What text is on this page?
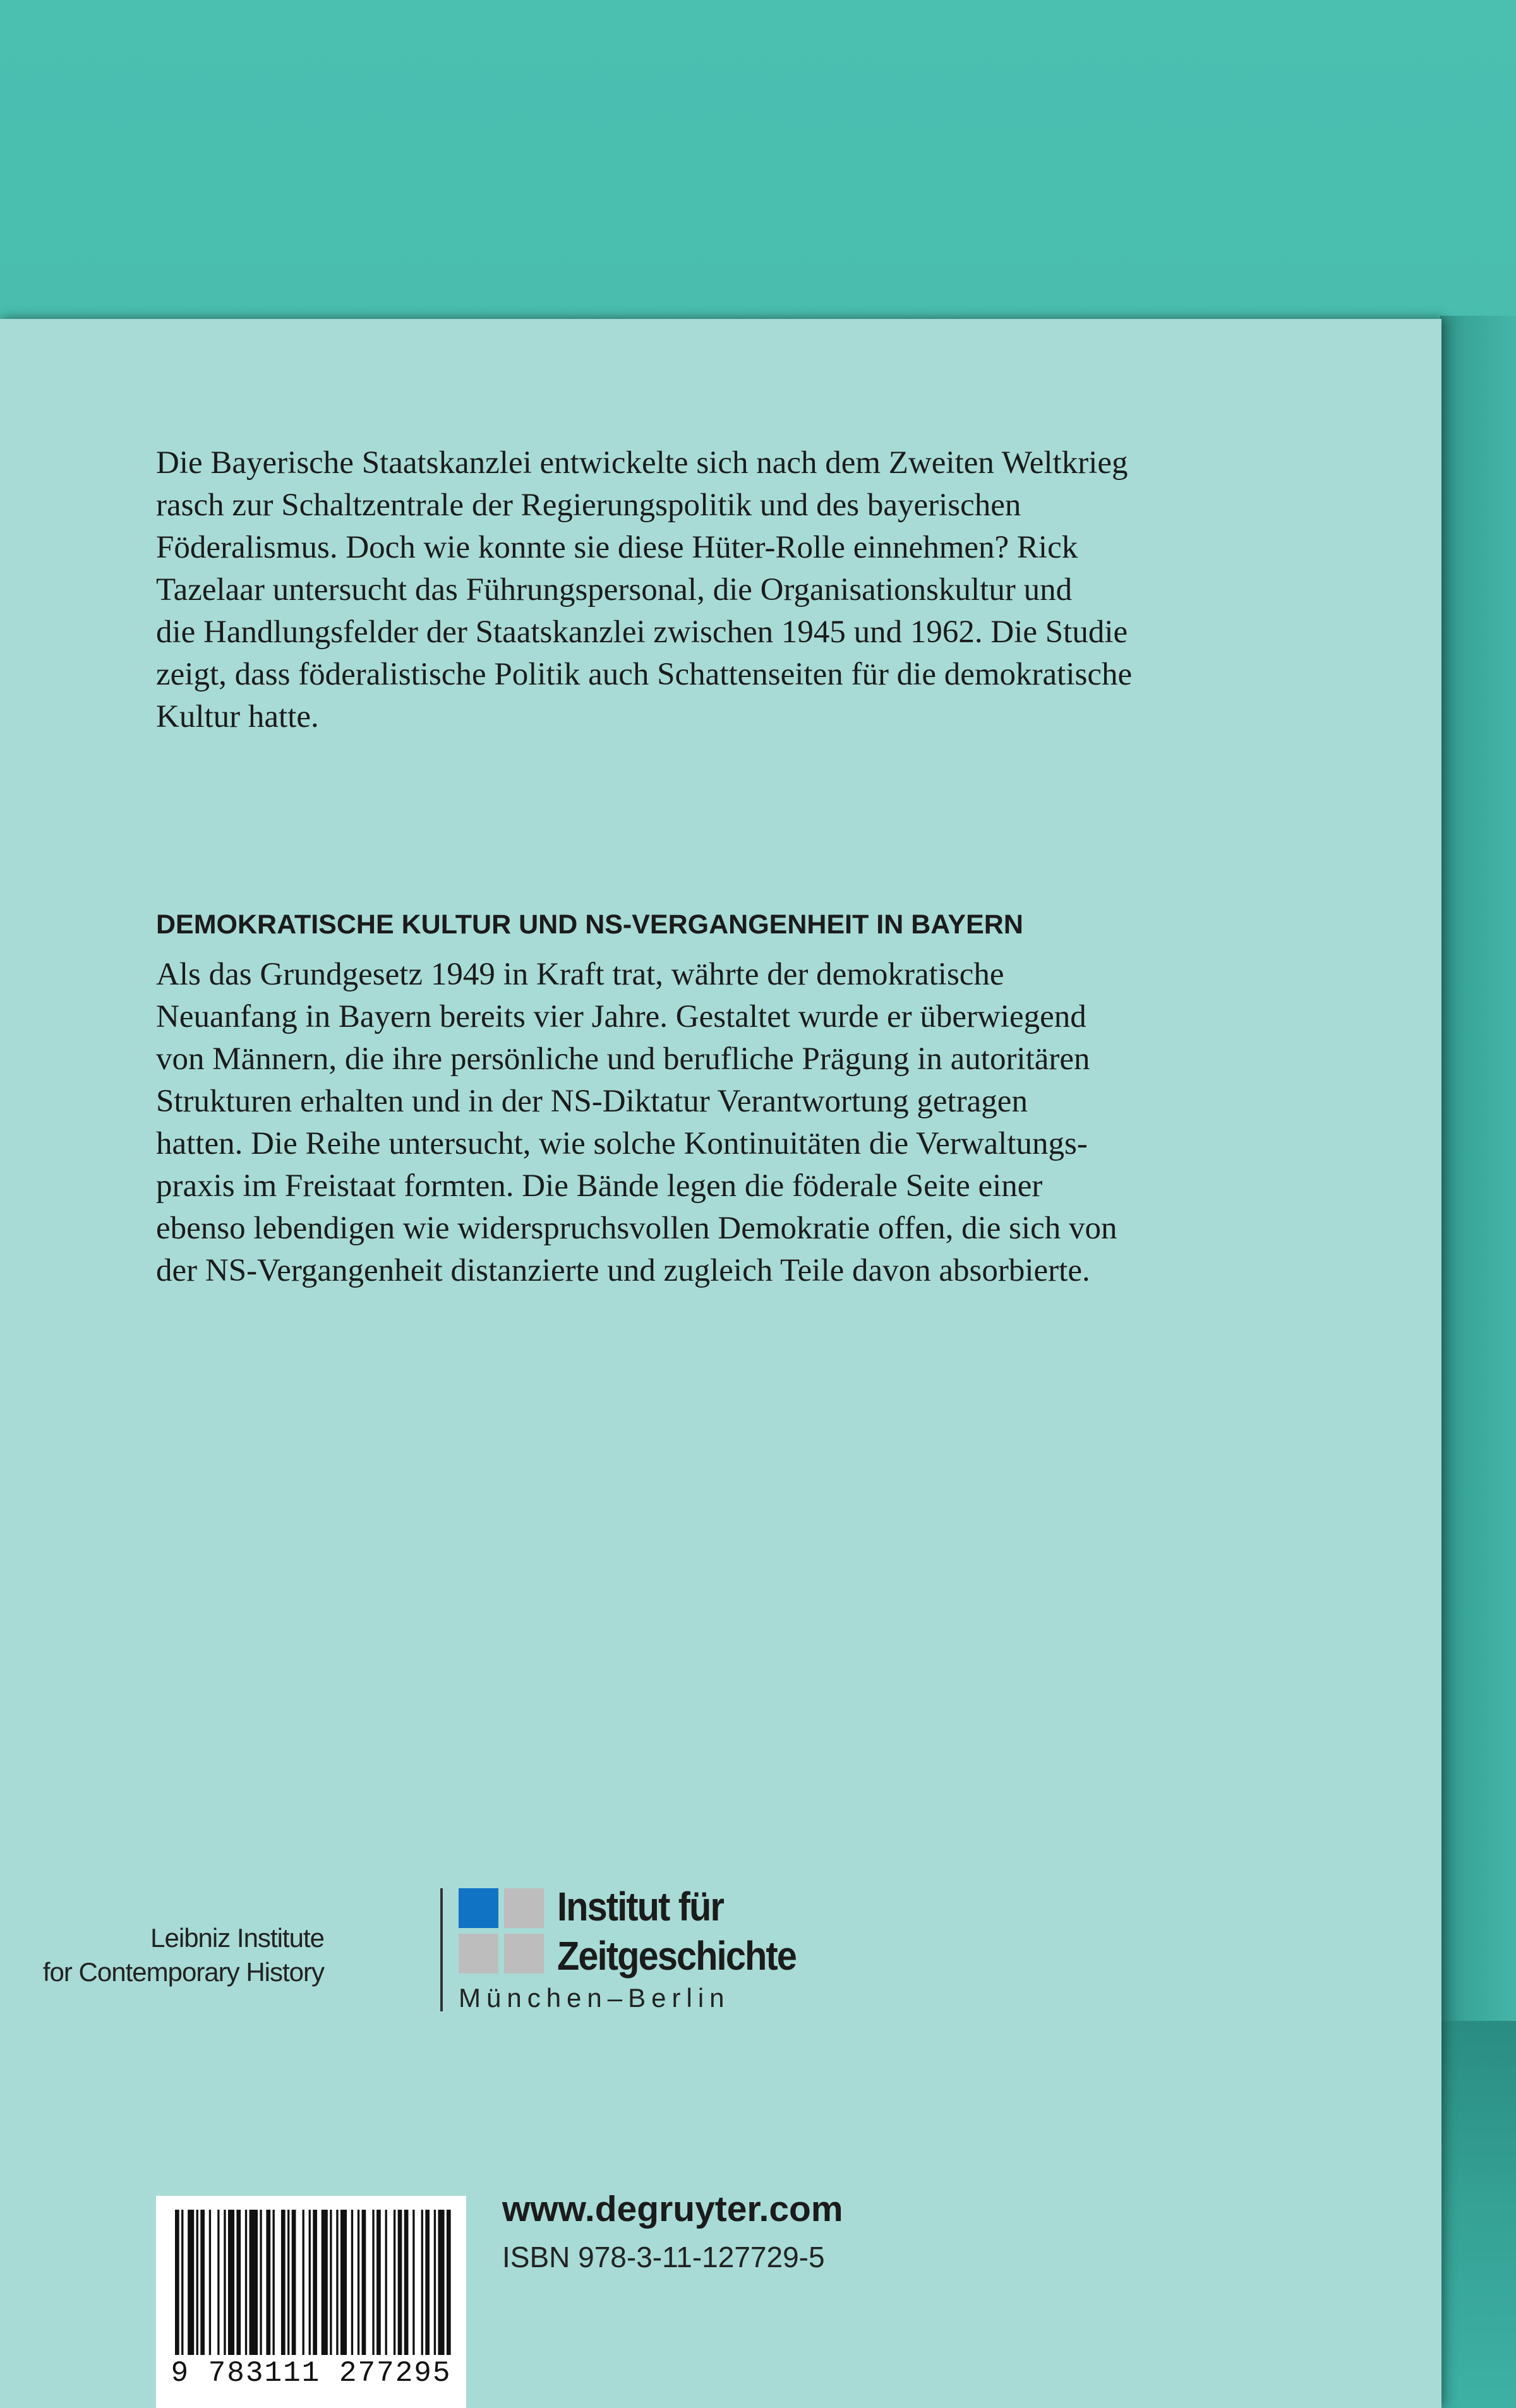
Die Bayerische Staatskanzlei entwickelte sich nach dem Zweiten Weltkrieg
rasch zur Schaltzentrale der Regierungspolitik und des bayerischen
Föderalismus. Doch wie konnte sie diese Hüter-Rolle einnehmen? Rick
Tazelaar untersucht das Führungspersonal, die Organisationskultur und
die Handlungsfelder der Staatskanzlei zwischen 1945 und 1962. Die Studie
zeigt, dass föderalistische Politik auch Schattenseiten für die demokratische
Kultur hatte.

DEMOKRATISCHE KULTUR UND NS-VERGANGENHEIT IN BAYERN

Als das Grundgesetz 1949 in Kraft trat, währte der demokratische
Neuanfang in Bayern bereits vier Jahre. Gestaltet wurde er überwiegend
von Männern, die ihre persönliche und berufliche Prägung in autoritären
Strukturen erhalten und in der NS-Diktatur Verantwortung getragen
hatten. Die Reihe untersucht, wie solche Kontinuitäten die Verwaltungs-
praxis im Freistaat formten. Die Bände legen die föderale Seite einer
ebenso lebendigen wie widerspruchsvollen Demokratie offen, die sich von
der NS-Vergangenheit distanzierte und zugleich Teile davon absorbierte.

Leibniz Institute
for Contemporary History
Institut für
Zeitgeschichte
München–Berlin
9 783111 277295
www.degruyter.com
ISBN 978-3-11-127729-5
